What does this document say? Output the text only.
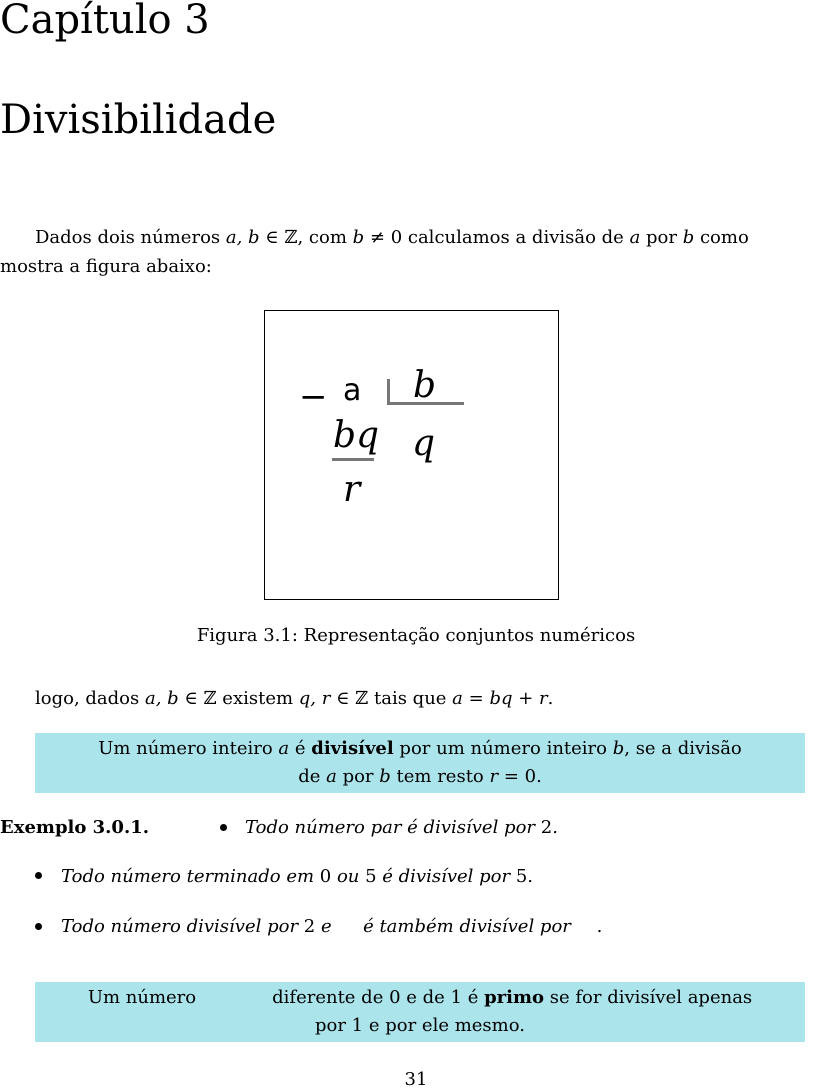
Capítulo 3
Divisibilidade
Dados dois números a, b ∈ ℤ, com b ≠ 0 calculamos a divisão de a por b como
mostra a figura abaixo:
− a b
bq q
r
Figura 3.1: Representação conjuntos numéricos
logo, dados a, b ∈ ℤ existem q, r ∈ ℤ tais que a = bq + r.
Um número inteiro a é divisível por um número inteiro b, se a divisão
de a por b tem resto r = 0.
Exemplo 3.0.1.	Todo número par é divisível por 2.
Todo número terminado em 0 ou 5 é divisível por 5.
Todo número divisível por 2 e  é também divisível por .
Um número	diferente de 0 e de 1 é primo se for divisível apenas
por 1 e por ele mesmo.
31
